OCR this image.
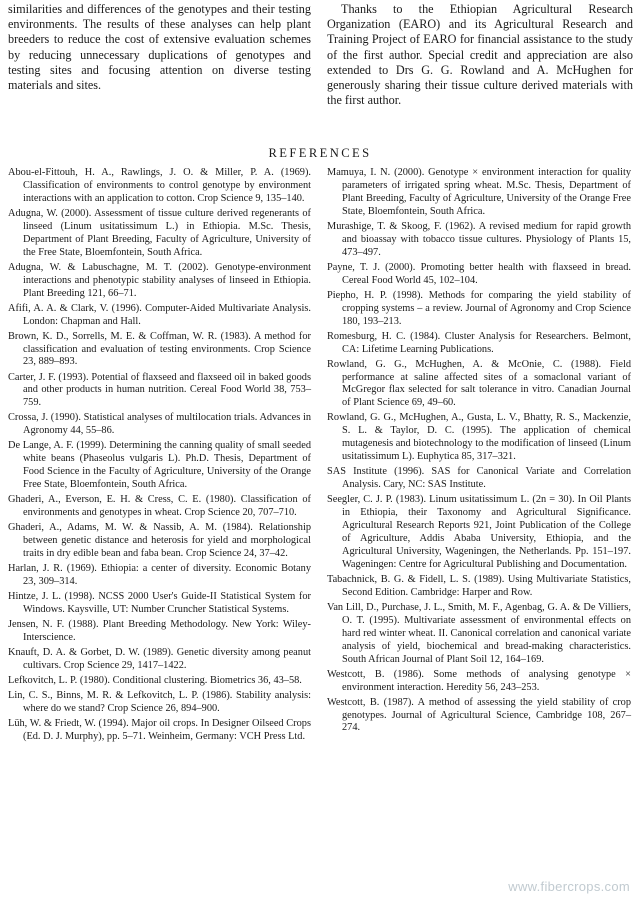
similarities and differences of the genotypes and their testing environments. The results of these analyses can help plant breeders to reduce the cost of extensive evaluation schemes by reducing unnecessary duplications of genotypes and testing sites and focusing attention on diverse testing materials and sites.

Thanks to the Ethiopian Agricultural Research Organization (EARO) and its Agricultural Research and Training Project of EARO for financial assistance to the study of the first author. Special credit and appreciation are also extended to Drs G. G. Rowland and A. McHughen for generously sharing their tissue culture derived materials with the first author.

REFERENCES

Abou-el-Fittouh, H. A., Rawlings, J. O. & Miller, P. A. (1969). Classification of environments to control genotype by environment interactions with an application to cotton. Crop Science 9, 135–140.

Adugna, W. (2000). Assessment of tissue culture derived regenerants of linseed (Linum usitatissimum L.) in Ethiopia. M.Sc. Thesis, Department of Plant Breeding, Faculty of Agriculture, University of the Free State, Bloemfontein, South Africa.

Adugna, W. & Labuschagne, M. T. (2002). Genotype-environment interactions and phenotypic stability analyses of linseed in Ethiopia. Plant Breeding 121, 66–71.

Afifi, A. A. & Clark, V. (1996). Computer-Aided Multivariate Analysis. London: Chapman and Hall.

Brown, K. D., Sorrells, M. E. & Coffman, W. R. (1983). A method for classification and evaluation of testing environments. Crop Science 23, 889–893.

Carter, J. F. (1993). Potential of flaxseed and flaxseed oil in baked goods and other products in human nutrition. Cereal Food World 38, 753–759.

Crossa, J. (1990). Statistical analyses of multilocation trials. Advances in Agronomy 44, 55–86.

De Lange, A. F. (1999). Determining the canning quality of small seeded white beans (Phaseolus vulgaris L). Ph.D. Thesis, Department of Food Science in the Faculty of Agriculture, University of the Orange Free State, Bloemfontein, South Africa.

Ghaderi, A., Everson, E. H. & Cress, C. E. (1980). Classification of environments and genotypes in wheat. Crop Science 20, 707–710.

Ghaderi, A., Adams, M. W. & Nassib, A. M. (1984). Relationship between genetic distance and heterosis for yield and morphological traits in dry edible bean and faba bean. Crop Science 24, 37–42.

Harlan, J. R. (1969). Ethiopia: a center of diversity. Economic Botany 23, 309–314.

Hintze, J. L. (1998). NCSS 2000 User's Guide-II Statistical System for Windows. Kaysville, UT: Number Cruncher Statistical Systems.

Jensen, N. F. (1988). Plant Breeding Methodology. New York: Wiley-Interscience.

Knauft, D. A. & Gorbet, D. W. (1989). Genetic diversity among peanut cultivars. Crop Science 29, 1417–1422.

Lefkovitch, L. P. (1980). Conditional clustering. Biometrics 36, 43–58.

Lin, C. S., Binns, M. R. & Lefkovitch, L. P. (1986). Stability analysis: where do we stand? Crop Science 26, 894–900.

Lüh, W. & Friedt, W. (1994). Major oil crops. In Designer Oilseed Crops (Ed. D. J. Murphy), pp. 5–71. Weinheim, Germany: VCH Press Ltd.

Mamuya, I. N. (2000). Genotype × environment interaction for quality parameters of irrigated spring wheat. M.Sc. Thesis, Department of Plant Breeding, Faculty of Agriculture, University of the Orange Free State, Bloemfontein, South Africa.

Murashige, T. & Skoog, F. (1962). A revised medium for rapid growth and bioassay with tobacco tissue cultures. Physiology of Plants 15, 473–497.

Payne, T. J. (2000). Promoting better health with flaxseed in bread. Cereal Food World 45, 102–104.

Piepho, H. P. (1998). Methods for comparing the yield stability of cropping systems – a review. Journal of Agronomy and Crop Science 180, 193–213.

Romesburg, H. C. (1984). Cluster Analysis for Researchers. Belmont, CA: Lifetime Learning Publications.

Rowland, G. G., McHughen, A. & McOnie, C. (1988). Field performance at saline affected sites of a somaclonal variant of McGregor flax selected for salt tolerance in vitro. Canadian Journal of Plant Science 69, 49–60.

Rowland, G. G., McHughen, A., Gusta, L. V., Bhatty, R. S., Mackenzie, S. L. & Taylor, D. C. (1995). The application of chemical mutagenesis and biotechnology to the modification of linseed (Linum usitatissimum L). Euphytica 85, 317–321.

SAS Institute (1996). SAS for Canonical Variate and Correlation Analysis. Cary, NC: SAS Institute.

Seegler, C. J. P. (1983). Linum usitatissimum L. (2n = 30). In Oil Plants in Ethiopia, their Taxonomy and Agricultural Significance. Agricultural Research Reports 921, Joint Publication of the College of Agriculture, Addis Ababa University, Ethiopia, and the Agricultural University, Wageningen, the Netherlands. Pp. 151–197. Wageningen: Centre for Agricultural Publishing and Documentation.

Tabachnick, B. G. & Fidell, L. S. (1989). Using Multivariate Statistics, Second Edition. Cambridge: Harper and Row.

Van Lill, D., Purchase, J. L., Smith, M. F., Agenbag, G. A. & De Villiers, O. T. (1995). Multivariate assessment of environmental effects on hard red winter wheat. II. Canonical correlation and canonical variate analysis of yield, biochemical and bread-making characteristics. South African Journal of Plant Soil 12, 164–169.

Westcott, B. (1986). Some methods of analysing genotype × environment interaction. Heredity 56, 243–253.

Westcott, B. (1987). A method of assessing the yield stability of crop genotypes. Journal of Agricultural Science, Cambridge 108, 267–274.

www.fibercrops.com
